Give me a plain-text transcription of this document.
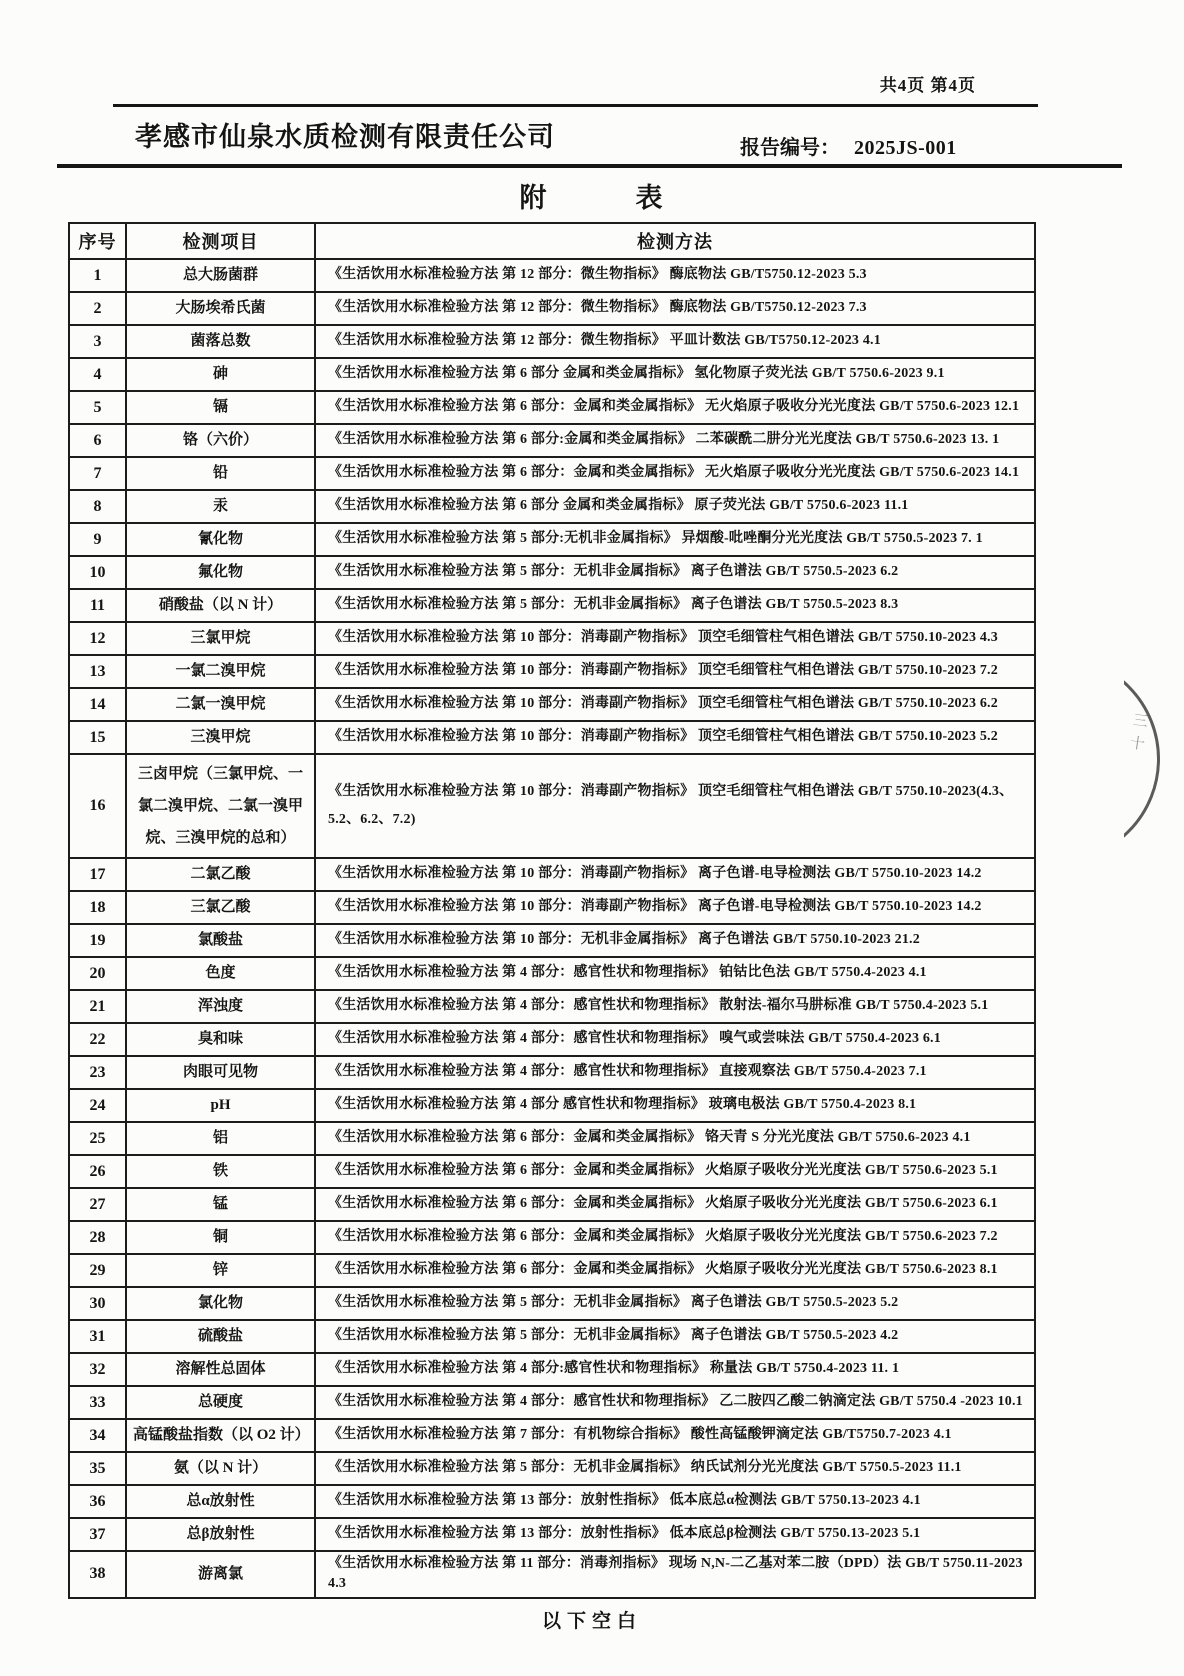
共4页 第4页
孝感市仙泉水质检测有限责任公司	报告编号： 2025JS-001
附　　　表
序号	检测项目	检测方法
1	总大肠菌群	《生活饮用水标准检验方法 第 12 部分：微生物指标》 酶底物法 GB/T5750.12-2023 5.3
2	大肠埃希氏菌	《生活饮用水标准检验方法 第 12 部分：微生物指标》 酶底物法 GB/T5750.12-2023 7.3
3	菌落总数	《生活饮用水标准检验方法 第 12 部分：微生物指标》 平皿计数法 GB/T5750.12-2023 4.1
4	砷	《生活饮用水标准检验方法 第 6 部分 金属和类金属指标》 氢化物原子荧光法 GB/T 5750.6-2023 9.1
5	镉	《生活饮用水标准检验方法 第 6 部分：金属和类金属指标》 无火焰原子吸收分光光度法 GB/T 5750.6-2023 12.1
6	铬（六价）	《生活饮用水标准检验方法 第 6 部分:金属和类金属指标》 二苯碳酰二肼分光光度法 GB/T 5750.6-2023 13. 1
7	铅	《生活饮用水标准检验方法 第 6 部分：金属和类金属指标》 无火焰原子吸收分光光度法 GB/T 5750.6-2023 14.1
8	汞	《生活饮用水标准检验方法 第 6 部分 金属和类金属指标》 原子荧光法 GB/T 5750.6-2023 11.1
9	氰化物	《生活饮用水标准检验方法 第 5 部分:无机非金属指标》 异烟酸-吡唑酮分光光度法 GB/T 5750.5-2023 7. 1
10	氟化物	《生活饮用水标准检验方法 第 5 部分：无机非金属指标》 离子色谱法 GB/T 5750.5-2023 6.2
11	硝酸盐（以 N 计）	《生活饮用水标准检验方法 第 5 部分：无机非金属指标》 离子色谱法 GB/T 5750.5-2023 8.3
12	三氯甲烷	《生活饮用水标准检验方法 第 10 部分：消毒副产物指标》 顶空毛细管柱气相色谱法 GB/T 5750.10-2023 4.3
13	一氯二溴甲烷	《生活饮用水标准检验方法 第 10 部分：消毒副产物指标》 顶空毛细管柱气相色谱法 GB/T 5750.10-2023 7.2
14	二氯一溴甲烷	《生活饮用水标准检验方法 第 10 部分：消毒副产物指标》 顶空毛细管柱气相色谱法 GB/T 5750.10-2023 6.2
15	三溴甲烷	《生活饮用水标准检验方法 第 10 部分：消毒副产物指标》 顶空毛细管柱气相色谱法 GB/T 5750.10-2023 5.2
16	三卤甲烷（三氯甲烷、一氯二溴甲烷、二氯一溴甲烷、三溴甲烷的总和）	《生活饮用水标准检验方法 第 10 部分：消毒副产物指标》 顶空毛细管柱气相色谱法 GB/T 5750.10-2023(4.3、5.2、6.2、7.2)
17	二氯乙酸	《生活饮用水标准检验方法 第 10 部分：消毒副产物指标》 离子色谱-电导检测法 GB/T 5750.10-2023 14.2
18	三氯乙酸	《生活饮用水标准检验方法 第 10 部分：消毒副产物指标》 离子色谱-电导检测法 GB/T 5750.10-2023 14.2
19	氯酸盐	《生活饮用水标准检验方法 第 10 部分：无机非金属指标》 离子色谱法 GB/T 5750.10-2023 21.2
20	色度	《生活饮用水标准检验方法 第 4 部分：感官性状和物理指标》 铂钴比色法 GB/T 5750.4-2023 4.1
21	浑浊度	《生活饮用水标准检验方法 第 4 部分：感官性状和物理指标》 散射法-福尔马肼标准 GB/T 5750.4-2023 5.1
22	臭和味	《生活饮用水标准检验方法 第 4 部分：感官性状和物理指标》 嗅气或尝味法 GB/T 5750.4-2023 6.1
23	肉眼可见物	《生活饮用水标准检验方法 第 4 部分：感官性状和物理指标》 直接观察法 GB/T 5750.4-2023 7.1
24	pH	《生活饮用水标准检验方法 第 4 部分 感官性状和物理指标》 玻璃电极法 GB/T 5750.4-2023 8.1
25	铝	《生活饮用水标准检验方法 第 6 部分：金属和类金属指标》 铬天青 S 分光光度法 GB/T 5750.6-2023 4.1
26	铁	《生活饮用水标准检验方法 第 6 部分：金属和类金属指标》 火焰原子吸收分光光度法 GB/T 5750.6-2023 5.1
27	锰	《生活饮用水标准检验方法 第 6 部分：金属和类金属指标》 火焰原子吸收分光光度法 GB/T 5750.6-2023 6.1
28	铜	《生活饮用水标准检验方法 第 6 部分：金属和类金属指标》 火焰原子吸收分光光度法 GB/T 5750.6-2023 7.2
29	锌	《生活饮用水标准检验方法 第 6 部分：金属和类金属指标》 火焰原子吸收分光光度法 GB/T 5750.6-2023 8.1
30	氯化物	《生活饮用水标准检验方法 第 5 部分：无机非金属指标》 离子色谱法 GB/T 5750.5-2023 5.2
31	硫酸盐	《生活饮用水标准检验方法 第 5 部分：无机非金属指标》 离子色谱法 GB/T 5750.5-2023 4.2
32	溶解性总固体	《生活饮用水标准检验方法 第 4 部分:感官性状和物理指标》 称量法 GB/T 5750.4-2023 11. 1
33	总硬度	《生活饮用水标准检验方法 第 4 部分：感官性状和物理指标》 乙二胺四乙酸二钠滴定法 GB/T 5750.4 -2023 10.1
34	高锰酸盐指数（以 O2 计）	《生活饮用水标准检验方法 第 7 部分：有机物综合指标》 酸性高锰酸钾滴定法 GB/T5750.7-2023 4.1
35	氨（以 N 计）	《生活饮用水标准检验方法 第 5 部分：无机非金属指标》 纳氏试剂分光光度法 GB/T 5750.5-2023 11.1
36	总α放射性	《生活饮用水标准检验方法 第 13 部分：放射性指标》 低本底总α检测法 GB/T 5750.13-2023 4.1
37	总β放射性	《生活饮用水标准检验方法 第 13 部分：放射性指标》 低本底总β检测法 GB/T 5750.13-2023 5.1
38	游离氯	《生活饮用水标准检验方法 第 11 部分：消毒剂指标》 现场 N,N-二乙基对苯二胺（DPD）法 GB/T 5750.11-2023 4.3
以下空白
三十
